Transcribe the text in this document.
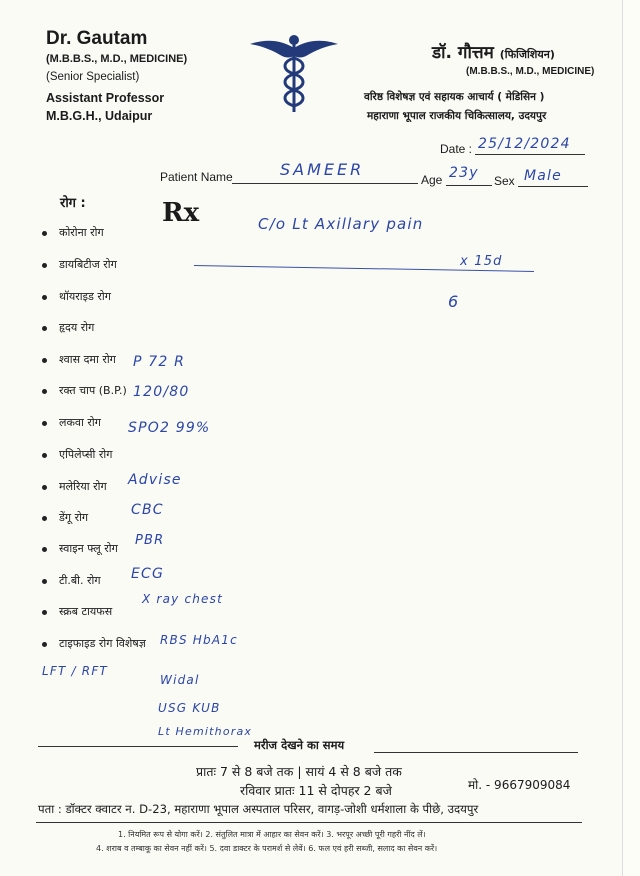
Dr. Gautam
(M.B.B.S., M.D., MEDICINE)
(Senior Specialist)
Assistant Professor
M.B.G.H., Udaipur
डॉ. गौत्तम (फिजिशियन)
(M.B.B.S., M.D., MEDICINE)
वरिष्ठ विशेषज्ञ एवं सहायक आचार्य ( मेडिसिन )
महाराणा भूपाल राजकीय चिकित्सालय, उदयपुर
Date : 25/12/2024
Patient Name	SAMEER
Age 23y Sex Male
रोग :	Rx
कोरोना रोग
डायबिटीज रोग
थॉयराइड रोग
हृदय रोग
श्वास दमा रोग
रक्त चाप (B.P.)
लकवा रोग
एपिलेप्सी रोग
मलेरिया रोग
डेंगू रोग
स्वाइन फ्लू रोग
टी.बी. रोग
स्क्रब टायफस
टाइफाइड रोग विशेषज्ञ
C/o Lt Axillary pain
x 15d
6
P 72 R
120/80
SPO2 99%
Advise
CBC
PBR
ECG
X ray chest
RBS HbA1c
LFT / RFT
Widal
USG KUB
Lt Hemithorax
मरीज देखने का समय
प्रातः 7 से 8 बजे तक | सायं 4 से 8 बजे तक
रविवार प्रातः 11 से दोपहर 2 बजे	मो. - 9667909084
पता : डॉक्टर क्वाटर न. D-23, महाराणा भूपाल अस्पताल परिसर, वागड़-जोशी धर्मशाला के पीछे, उदयपुर
1. नियमित रूप से योगा करें। 2. संतुलित मात्रा में आहार का सेवन करें। 3. भरपूर अच्छी पूरी गहरी नींद लें।
4. शराब व तम्बाकू का सेवन नहीं करें। 5. दवा डाक्टर के परामर्श से लेवें। 6. फल एवं हरी सब्जी, सलाद का सेवन करें।
